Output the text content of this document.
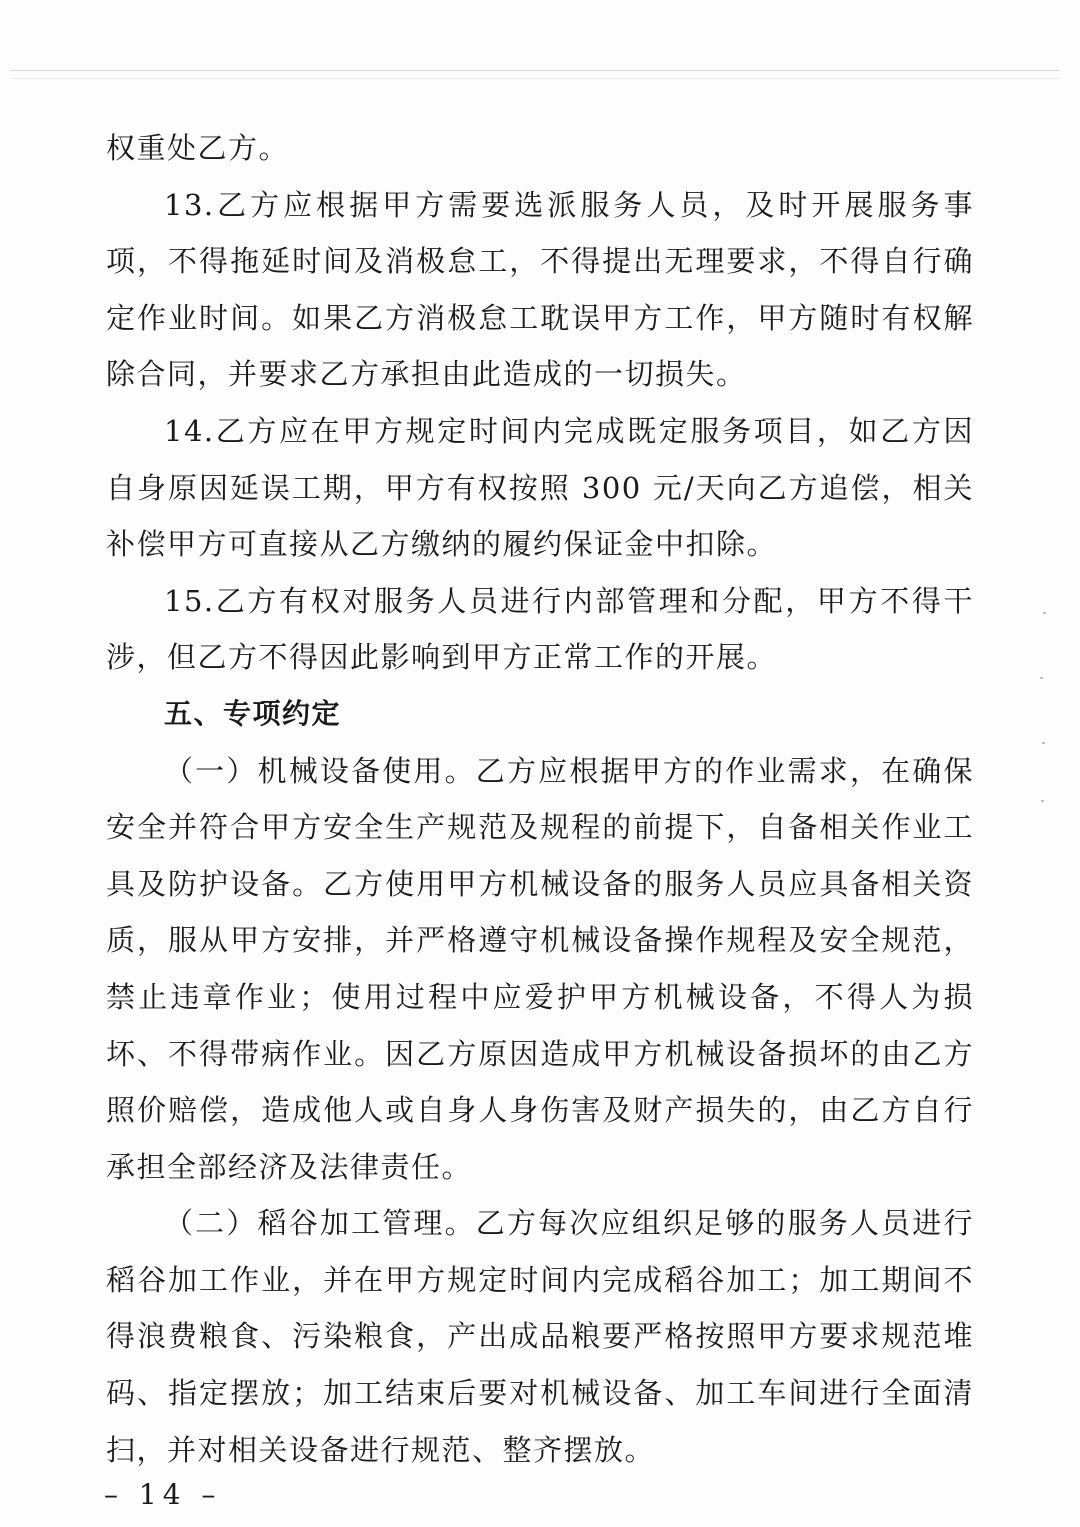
权重处乙方。

13.乙方应根据甲方需要选派服务人员，及时开展服务事项，不得拖延时间及消极怠工，不得提出无理要求，不得自行确定作业时间。如果乙方消极怠工耽误甲方工作，甲方随时有权解除合同，并要求乙方承担由此造成的一切损失。

14.乙方应在甲方规定时间内完成既定服务项目，如乙方因自身原因延误工期，甲方有权按照 300 元/天向乙方追偿，相关补偿甲方可直接从乙方缴纳的履约保证金中扣除。

15.乙方有权对服务人员进行内部管理和分配，甲方不得干涉，但乙方不得因此影响到甲方正常工作的开展。

五、专项约定

（一）机械设备使用。乙方应根据甲方的作业需求，在确保安全并符合甲方安全生产规范及规程的前提下，自备相关作业工具及防护设备。乙方使用甲方机械设备的服务人员应具备相关资质，服从甲方安排，并严格遵守机械设备操作规程及安全规范，禁止违章作业；使用过程中应爱护甲方机械设备，不得人为损坏、不得带病作业。因乙方原因造成甲方机械设备损坏的由乙方照价赔偿，造成他人或自身人身伤害及财产损失的，由乙方自行承担全部经济及法律责任。

（二）稻谷加工管理。乙方每次应组织足够的服务人员进行稻谷加工作业，并在甲方规定时间内完成稻谷加工；加工期间不得浪费粮食、污染粮食，产出成品粮要严格按照甲方要求规范堆码、指定摆放；加工结束后要对机械设备、加工车间进行全面清扫，并对相关设备进行规范、整齐摆放。

– 14 –
